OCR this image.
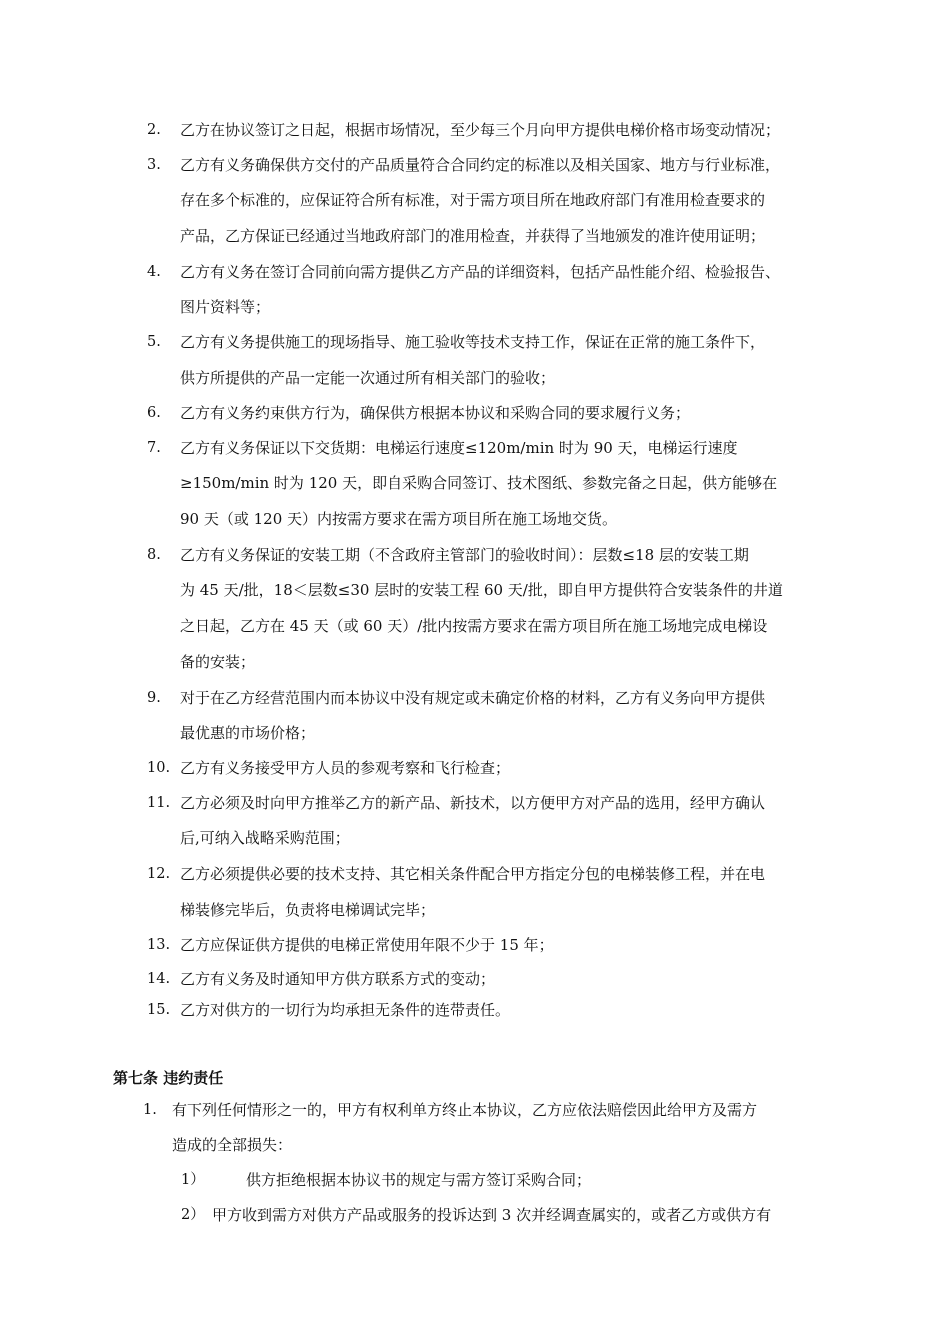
2. 乙方在协议签订之日起，根据市场情况，至少每三个月向甲方提供电梯价格市场变动情况；
3. 乙方有义务确保供方交付的产品质量符合合同约定的标准以及相关国家、地方与行业标准，
存在多个标准的，应保证符合所有标准，对于需方项目所在地政府部门有准用检查要求的
产品，乙方保证已经通过当地政府部门的准用检查，并获得了当地颁发的准许使用证明；
4. 乙方有义务在签订合同前向需方提供乙方产品的详细资料，包括产品性能介绍、检验报告、
图片资料等；
5. 乙方有义务提供施工的现场指导、施工验收等技术支持工作，保证在正常的施工条件下，
供方所提供的产品一定能一次通过所有相关部门的验收；
6. 乙方有义务约束供方行为，确保供方根据本协议和采购合同的要求履行义务；
7. 乙方有义务保证以下交货期：电梯运行速度≤120m/min 时为 90 天，电梯运行速度
≥150m/min 时为 120 天，即自采购合同签订、技术图纸、参数完备之日起，供方能够在
90 天（或 120 天）内按需方要求在需方项目所在施工场地交货。
8. 乙方有义务保证的安装工期（不含政府主管部门的验收时间）：层数≤18 层的安装工期
为 45 天/批，18＜层数≤30 层时的安装工程 60 天/批，即自甲方提供符合安装条件的井道
之日起，乙方在 45 天（或 60 天）/批内按需方要求在需方项目所在施工场地完成电梯设
备的安装；
9. 对于在乙方经营范围内而本协议中没有规定或未确定价格的材料，乙方有义务向甲方提供
最优惠的市场价格；
10. 乙方有义务接受甲方人员的参观考察和飞行检查；
11. 乙方必须及时向甲方推举乙方的新产品、新技术，以方便甲方对产品的选用，经甲方确认
后,可纳入战略采购范围；
12. 乙方必须提供必要的技术支持、其它相关条件配合甲方指定分包的电梯装修工程，并在电
梯装修完毕后，负责将电梯调试完毕；
13. 乙方应保证供方提供的电梯正常使用年限不少于 15 年；
14. 乙方有义务及时通知甲方供方联系方式的变动；
15. 乙方对供方的一切行为均承担无条件的连带责任。
第七条 违约责任
1. 有下列任何情形之一的，甲方有权利单方终止本协议，乙方应依法赔偿因此给甲方及需方
造成的全部损失：
1）	供方拒绝根据本协议书的规定与需方签订采购合同；
2） 甲方收到需方对供方产品或服务的投诉达到 3 次并经调查属实的，或者乙方或供方有
